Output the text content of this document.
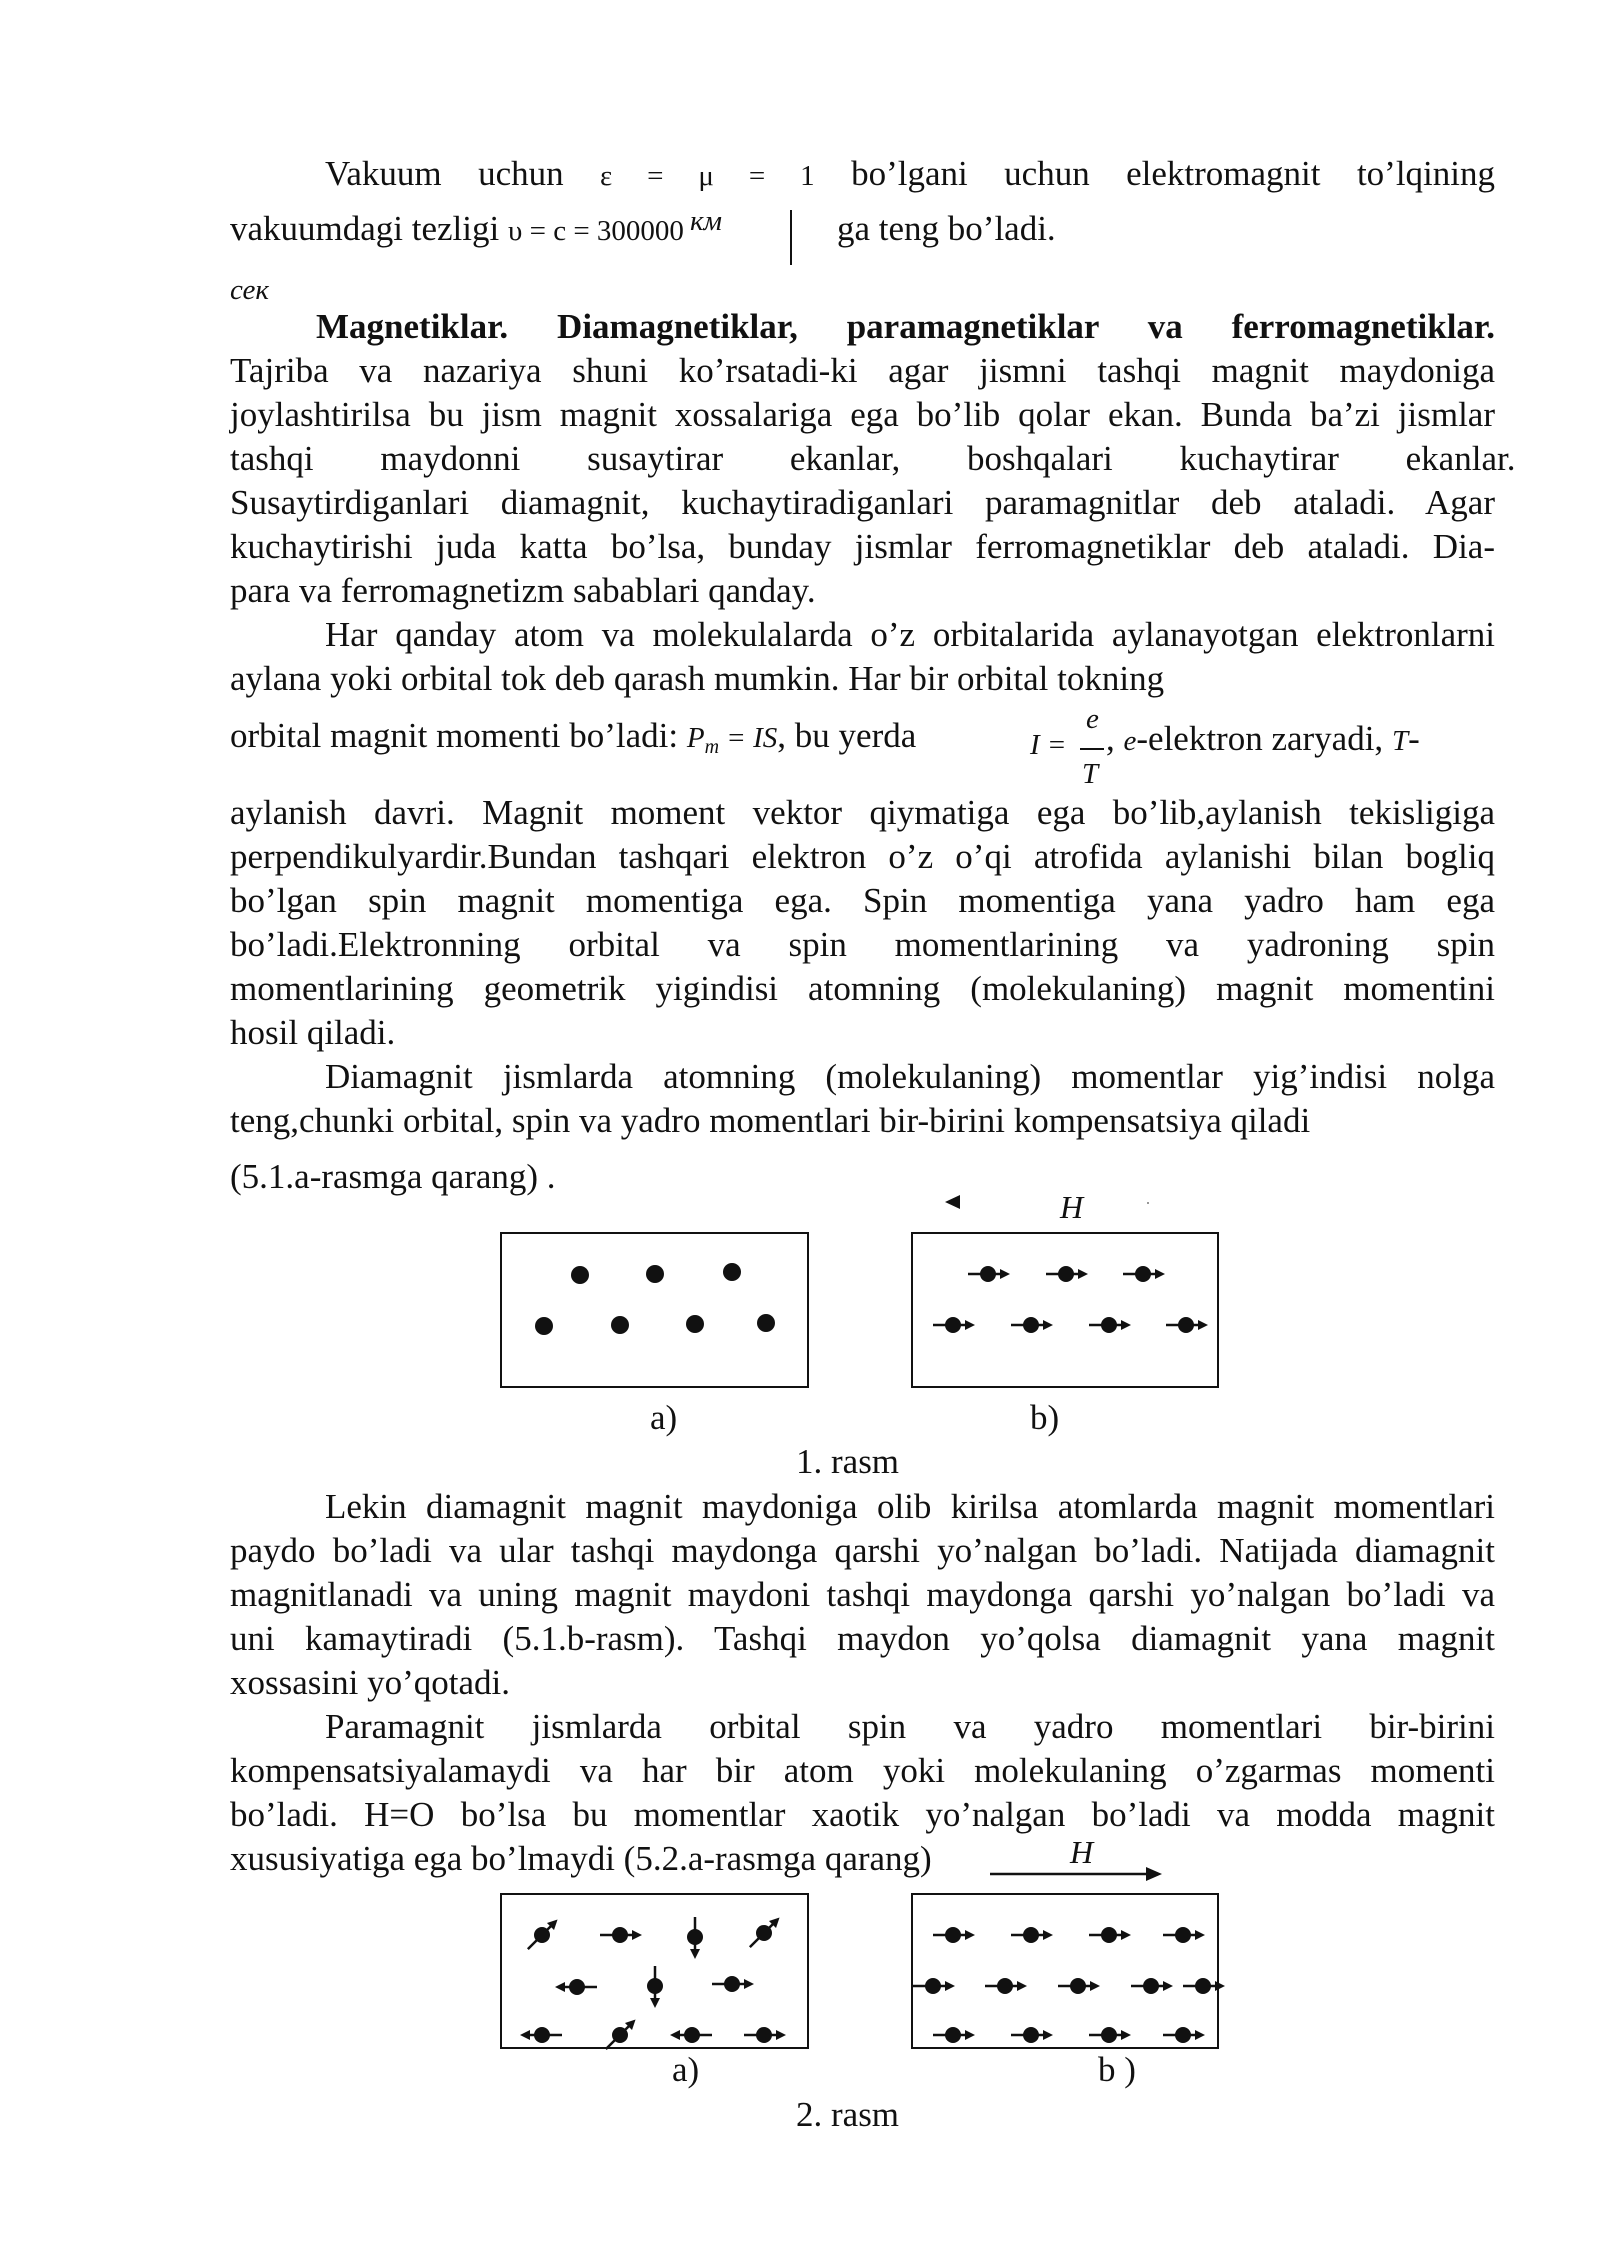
Vakuum uchun ε = μ = 1 bo’lgani uchun elektromagnit to’lqining
vakuumdagi tezligi υ = c = 300000 $^{км}$	ga teng bo’ladi.
сек
Magnetiklar. Diamagnetiklar, paramagnetiklar va ferromagnetiklar.
Tajriba va nazariya shuni ko’rsatadi-ki agar jismni tashqi magnit maydoniga
joylashtirilsa bu jism magnit xossalariga ega bo’lib qolar ekan. Bunda ba’zi jismlar
tashqi maydonni susaytirar ekanlar, boshqalari kuchaytirar ekanlar.
Susaytirdiganlari diamagnit, kuchaytiradiganlari paramagnitlar deb ataladi. Agar
kuchaytirishi juda katta bo’lsa, bunday jismlar ferromagnetiklar deb ataladi. Dia-
para va ferromagnetizm sabablari qanday.
Har qanday atom va molekulalarda o’z orbitalarida aylanayotgan elektronlarni
aylana yoki orbital tok deb qarash mumkin. Har bir orbital tokning
orbital magnit momenti bo’ladi: Pm = IS, bu yerda	I =
e
T
, e-elektron zaryadi, T-
aylanish davri. Magnit moment vektor qiymatiga ega bo’lib,aylanish tekisligiga
perpendikulyardir.Bundan tashqari elektron o’z o’qi atrofida aylanishi bilan bogliq
bo’lgan spin magnit momentiga ega. Spin momentiga yana yadro ham ega
bo’ladi.Elektronning orbital va spin momentlarining va yadroning spin
momentlarining geometrik yigindisi atomning (molekulaning) magnit momentini
hosil qiladi.
Diamagnit jismlarda atomning (molekulaning) momentlar yig’indisi nolga
teng,chunki orbital, spin va yadro momentlari bir-birini kompensatsiya qiladi
(5.1.a-rasmga qarang) .
H
a)	b)
1. rasm
Lekin diamagnit magnit maydoniga olib kirilsa atomlarda magnit momentlari
paydo bo’ladi va ular tashqi maydonga qarshi yo’nalgan bo’ladi. Natijada diamagnit
magnitlanadi va uning magnit maydoni tashqi maydonga qarshi yo’nalgan bo’ladi va
uni kamaytiradi (5.1.b-rasm). Tashqi maydon yo’qolsa diamagnit yana magnit
xossasini yo’qotadi.
Paramagnit jismlarda orbital spin va yadro momentlari bir-birini
kompensatsiyalamaydi va har bir atom yoki molekulaning o’zgarmas momenti
bo’ladi. H=O bo’lsa bu momentlar xaotik yo’nalgan bo’ladi va modda magnit
xususiyatiga ega bo’lmaydi (5.2.a-rasmga qarang)	H
a)	b )
2. rasm
